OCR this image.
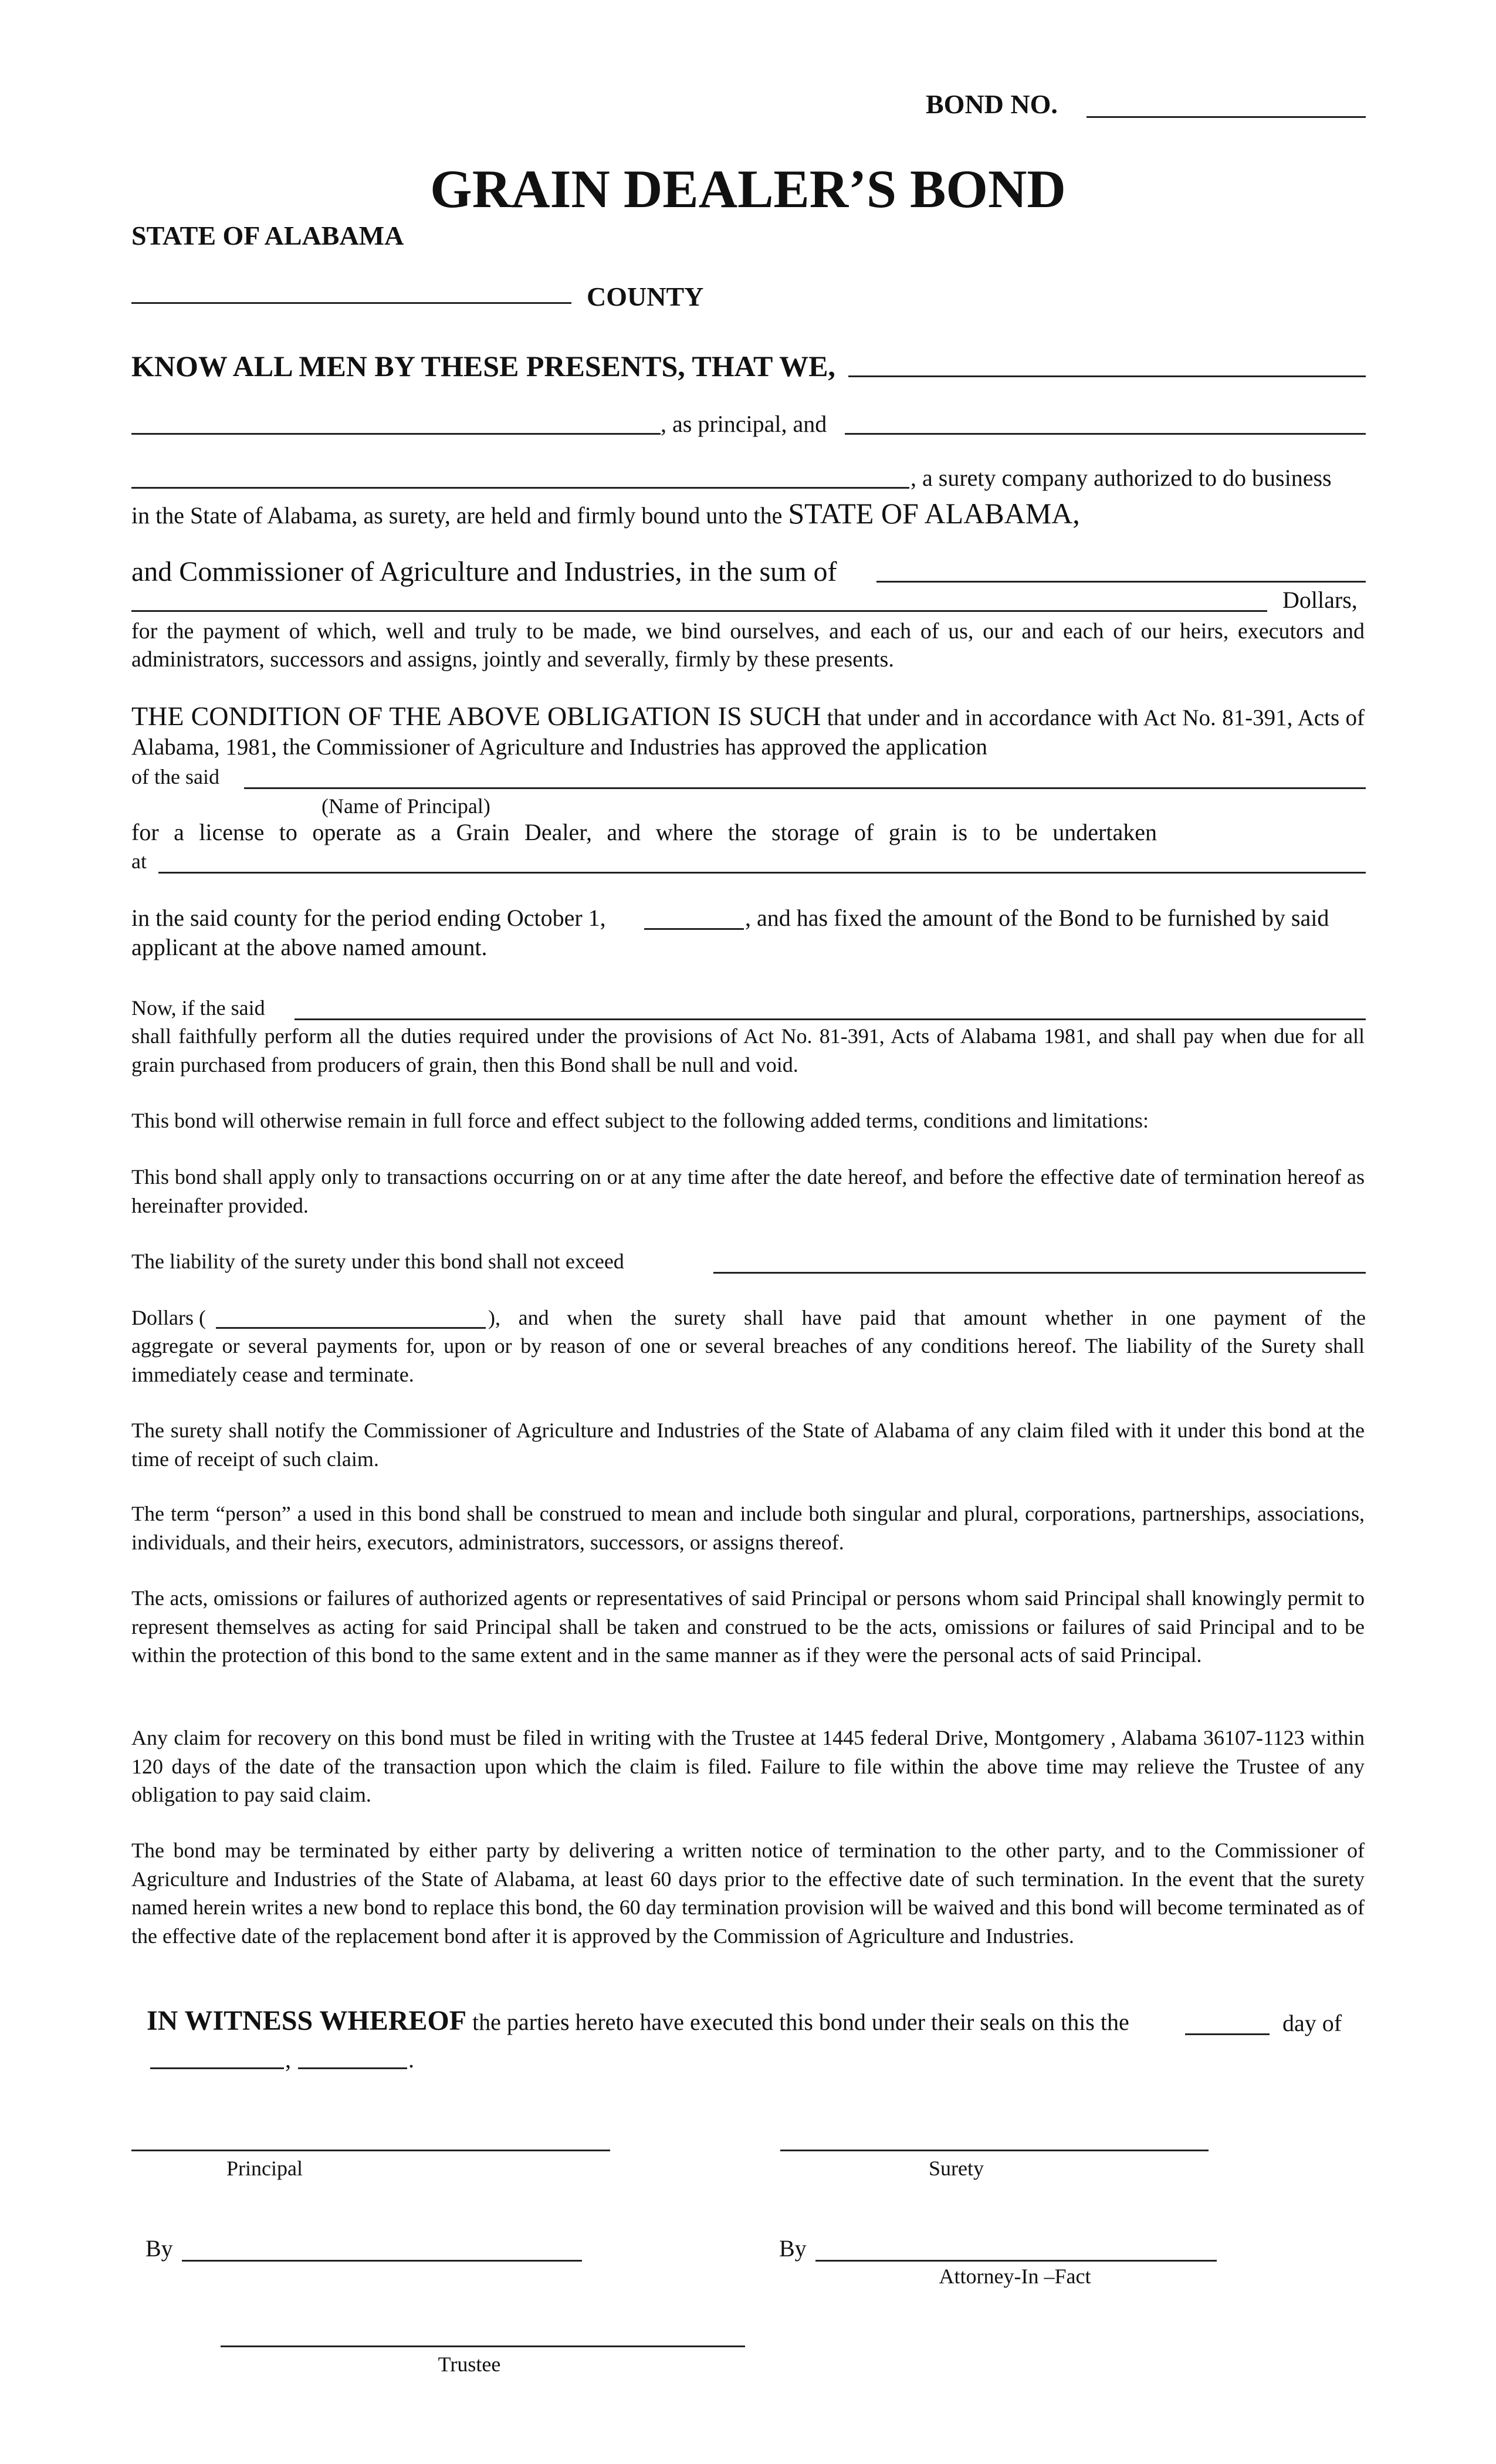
BOND NO.
GRAIN DEALER’S BOND
STATE OF ALABAMA
COUNTY
KNOW ALL MEN BY THESE PRESENTS, THAT WE,
, as principal, and
, a surety company authorized to do business
in the State of Alabama, as surety, are held and firmly bound unto the STATE OF ALABAMA,
and Commissioner of Agriculture and Industries, in the sum of
Dollars,
for the payment of which, well and truly to be made, we bind ourselves, and each of us, our and each of our heirs, executors and administrators, successors and assigns, jointly and severally, firmly by these presents.
THE CONDITION OF THE ABOVE OBLIGATION IS SUCH that under and in accordance with Act No. 81-391, Acts of Alabama, 1981, the Commissioner of Agriculture and Industries has approved the application
of the said
(Name of Principal)
for a license to operate as a Grain Dealer, and where the storage of grain is to be undertaken
at
in the said county for the period ending October 1,	, and has fixed the amount of the Bond to be furnished by said
applicant at the above named amount.
Now, if the said
shall faithfully perform all the duties required under the provisions of Act No. 81-391, Acts of Alabama 1981, and shall pay when due for all grain purchased from producers of grain, then this Bond shall be null and void.
This bond will otherwise remain in full force and effect subject to the following added terms, conditions and limitations:
This bond shall apply only to transactions occurring on or at any time after the date hereof, and before the effective date of termination hereof as hereinafter provided.
The liability of the surety under this bond shall not exceed
Dollars (	), and when the surety shall have paid that amount whether in one payment of the
aggregate or several payments for, upon or by reason of one or several breaches of any conditions hereof. The liability of the Surety shall immediately cease and terminate.
The surety shall notify the Commissioner of Agriculture and Industries of the State of Alabama of any claim filed with it under this bond at the time of receipt of such claim.
The term “person” a used in this bond shall be construed to mean and include both singular and plural, corporations, partnerships, associations, individuals, and their heirs, executors, administrators, successors, or assigns thereof.
The acts, omissions or failures of authorized agents or representatives of said Principal or persons whom said Principal shall knowingly permit to represent themselves as acting for said Principal shall be taken and construed to be the acts, omissions or failures of said Principal and to be within the protection of this bond to the same extent and in the same manner as if they were the personal acts of said Principal.
Any claim for recovery on this bond must be filed in writing with the Trustee at 1445 federal Drive, Montgomery , Alabama 36107-1123 within 120 days of the date of the transaction upon which the claim is filed. Failure to file within the above time may relieve the Trustee of any obligation to pay said claim.
The bond may be terminated by either party by delivering a written notice of termination to the other party, and to the Commissioner of Agriculture and Industries of the State of Alabama, at least 60 days prior to the effective date of such termination. In the event that the surety named herein writes a new bond to replace this bond, the 60 day termination provision will be waived and this bond will become terminated as of the effective date of the replacement bond after it is approved by the Commission of Agriculture and Industries.
IN WITNESS WHEREOF the parties hereto have executed this bond under their seals on this the	day of
,	.
Principal	Surety
By	By
Attorney-In –Fact
Trustee
